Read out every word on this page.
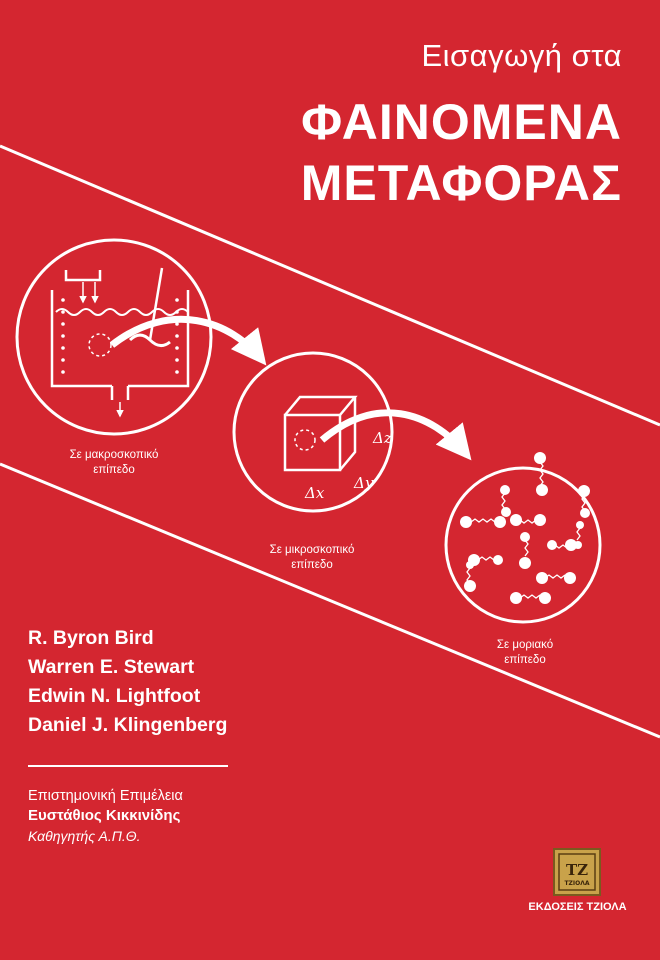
Δx
Δy
Δz
Εισαγωγή στα
ΦΑΙΝΟΜΕΝΑ
ΜΕΤΑΦΟΡΑΣ
Σε μακροσκοπικό
επίπεδο
Σε μικροσκοπικό
επίπεδο
Σε μοριακό
επίπεδο
R. Byron Bird
Warren E. Stewart
Edwin N. Lightfoot
Daniel J. Klingenberg
Επιστημονική Επιμέλεια
Ευστάθιος Κικκινίδης
Καθηγητής Α.Π.Θ.
ΤΖ
ΤΖΙΟΛΑ
ΕΚΔΟΣΕΙΣ ΤΖΙΟΛΑ
